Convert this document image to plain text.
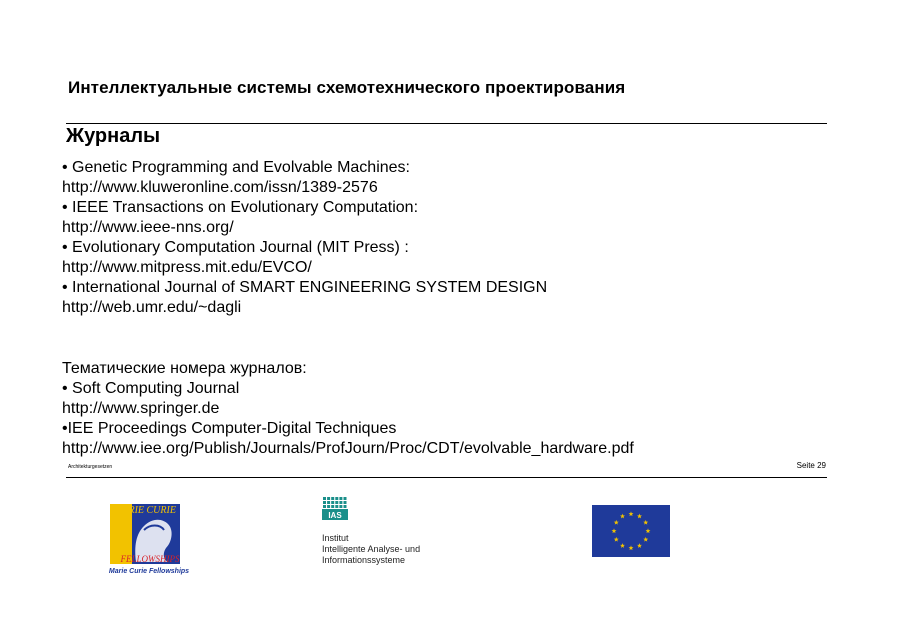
Интеллектуальные системы схемотехнического проектирования
Журналы
• Genetic Programming and Evolvable Machines:
http://www.kluweronline.com/issn/1389-2576
• IEEE Transactions on Evolutionary Computation:
http://www.ieee-nns.org/
• Evolutionary Computation Journal (MIT Press) :
http://www.mitpress.mit.edu/EVCO/
• International Journal of SMART ENGINEERING SYSTEM DESIGN
http://web.umr.edu/~dagli
Тематические номера журналов:
• Soft Computing Journal
http://www.springer.de
•IEE Proceedings Computer-Digital Techniques
http://www.iee.org/Publish/Journals/ProfJourn/Proc/CDT/evolvable_hardware.pdf
Architekturgesetzen	Seite 29
MARIE CURIE
FELLOWSHIPS
Marie Curie Fellowships
IAS
Institut
Intelligente Analyse- und
Informationssysteme
